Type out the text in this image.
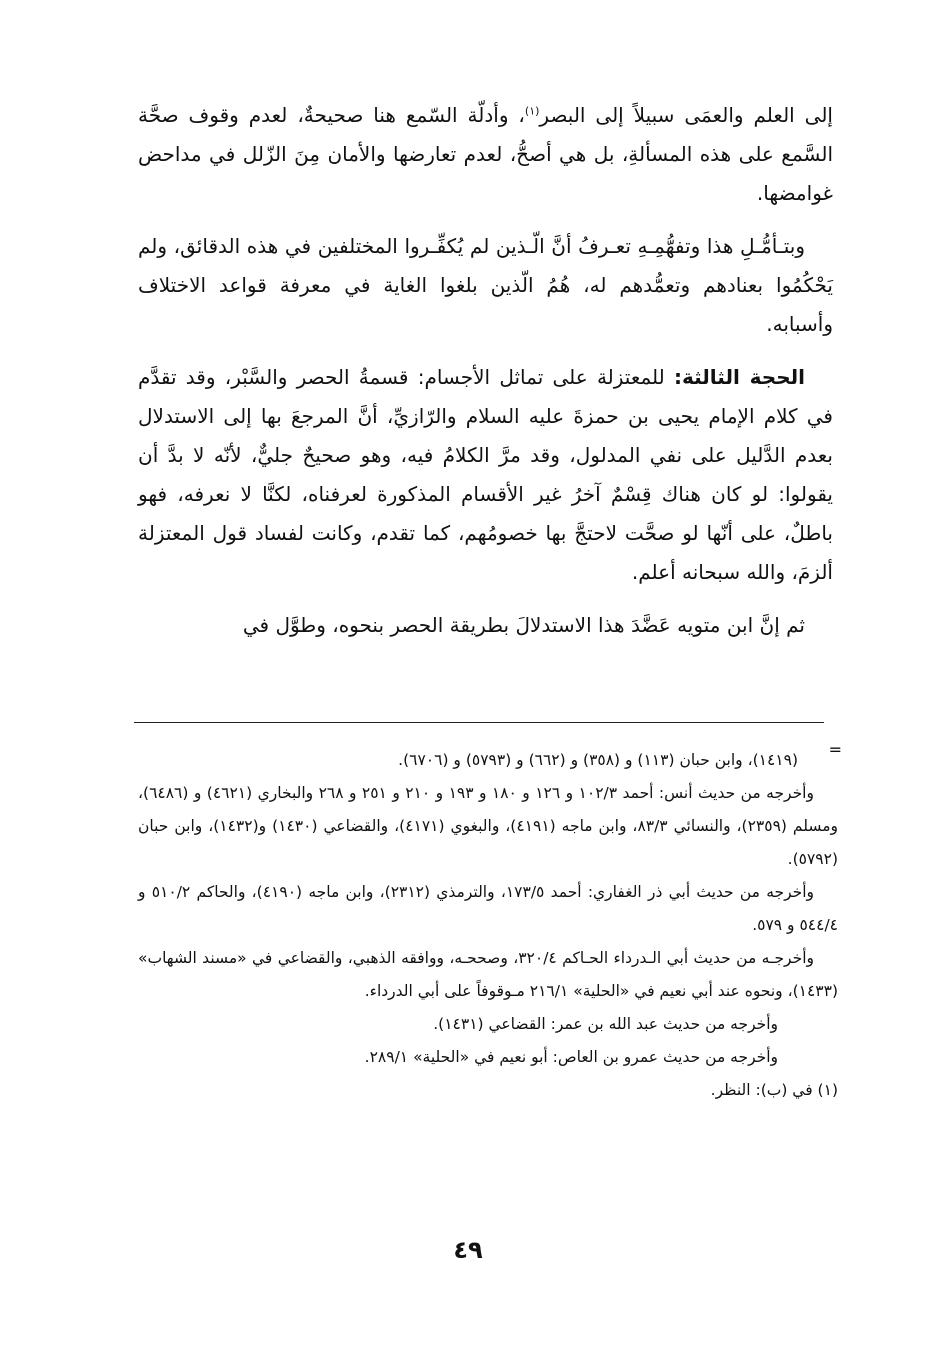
إلى العلم والعمَى سبيلاً إلى البصر$^{(١)}$، وأدلّة السّمع هنا صحيحةٌ، لعدم وقوف صحَّة السَّمع على هذه المسألةِ، بل هي أصحُّ، لعدم تعارضها والأمان مِنَ الزّلل في مداحض غوامضها.

وبتـأمُّـلِ هذا وتفهُّمِـهِ تعـرفُ أنَّ الّـذين لم يُكفِّـروا المختلفين في هذه الدقائق، ولم يَحْكُمُوا بعنادهم وتعمُّدهم له، هُمُ الّذين بلغوا الغاية في معرفة قواعد الاختلاف وأسبابه.

الحجة الثالثة: للمعتزلة على تماثل الأجسام: قسمةُ الحصر والسَّبْر، وقد تقدَّم في كلام الإمام يحيى بن حمزةَ عليه السلام والرّازيِّ، أنَّ المرجعَ بها إلى الاستدلال بعدم الدَّليل على نفي المدلول، وقد مرَّ الكلامُ فيه، وهو صحيحٌ جليٌّ، لأنّه لا بدَّ أن يقولوا: لو كان هناك قِسْمٌ آخرُ غير الأقسام المذكورة لعرفناه، لكنَّا لا نعرفه، فهو باطلٌ، على أنّها لو صحَّت لاحتجَّ بها خصومُهم، كما تقدم، وكانت لفساد قول المعتزلة ألزمَ، والله سبحانه أعلم.

ثم إنَّ ابن متويه عَضَّدَ هذا الاستدلالَ بطريقة الحصر بنحوه، وطوَّل في

=

(١٤١٩)، وابن حبان (١١٣) و (٣٥٨) و (٦٦٢) و (٥٧٩٣) و (٦٧٠٦).

وأخرجه من حديث أنس: أحمد ١٠٢/٣ و ١٢٦ و ١٨٠ و ١٩٣ و ٢١٠ و ٢٥١ و ٢٦٨ والبخاري (٤٦٢١) و (٦٤٨٦)، ومسلم (٢٣٥٩)، والنسائي ٨٣/٣، وابن ماجه (٤١٩١)، والبغوي (٤١٧١)، والقضاعي (١٤٣٠) و(١٤٣٢)، وابن حبان (٥٧٩٢).

وأخرجه من حديث أبي ذر الغفاري: أحمد ١٧٣/٥، والترمذي (٢٣١٢)، وابن ماجه (٤١٩٠)، والحاكم ٥١٠/٢ و ٥٤٤/٤ و ٥٧٩.

وأخرجـه من حديث أبي الـدرداء الحـاكم ٣٢٠/٤، وصححـه، ووافقه الذهبي، والقضاعي في «مسند الشهاب» (١٤٣٣)، ونحوه عند أبي نعيم في «الحلية» ٢١٦/١ مـوقوفاً على أبي الدرداء.

وأخرجه من حديث عبد الله بن عمر: القضاعي (١٤٣١).

وأخرجه من حديث عمرو بن العاص: أبو نعيم في «الحلية» ٢٨٩/١.

(١) في (ب): النظر.

٤٩
